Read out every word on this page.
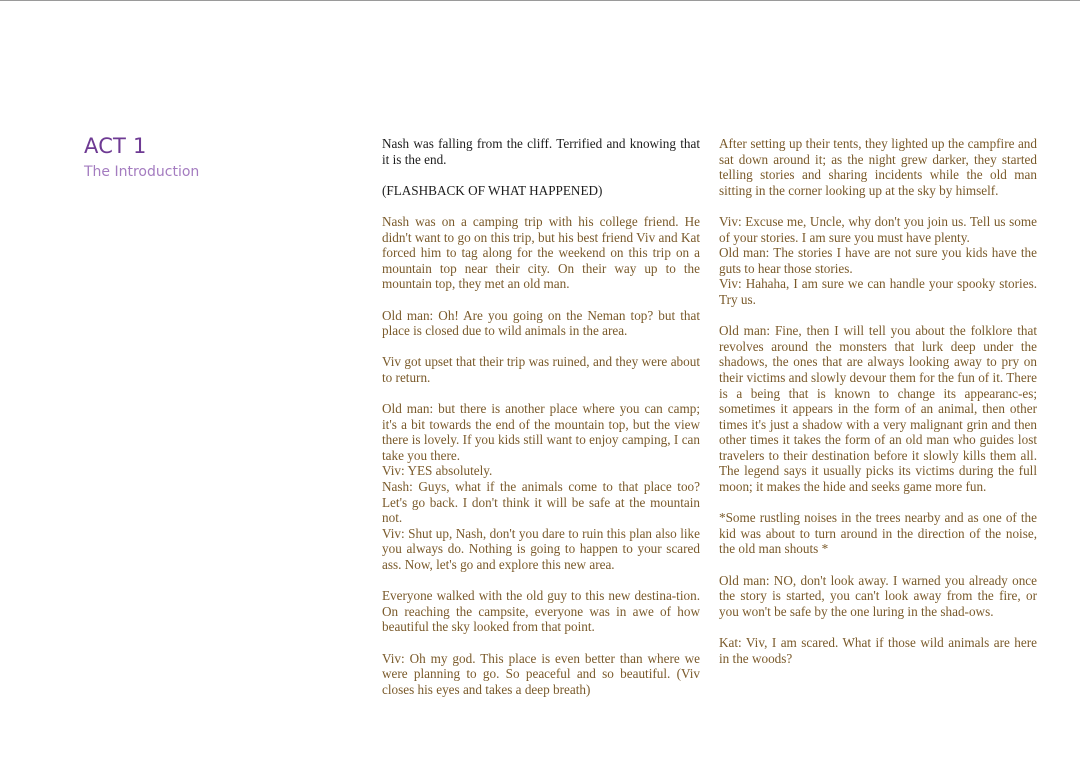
ACT 1
The Introduction

Nash was falling from the cliff. Terrified and knowing that it is the end.

(FLASHBACK OF WHAT HAPPENED)

Nash was on a camping trip with his college friend. He didn't want to go on this trip, but his best friend Viv and Kat forced him to tag along for the weekend on this trip on a mountain top near their city. On their way up to the mountain top, they met an old man.

Old man: Oh! Are you going on the Neman top? but that place is closed due to wild animals in the area.

Viv got upset that their trip was ruined, and they were about to return.

Old man: but there is another place where you can camp; it's a bit towards the end of the mountain top, but the view there is lovely. If you kids still want to enjoy camping, I can take you there.
Viv: YES absolutely.
Nash: Guys, what if the animals come to that place too? Let's go back. I don't think it will be safe at the mountain not.
Viv: Shut up, Nash, don't you dare to ruin this plan also like you always do. Nothing is going to happen to your scared ass. Now, let's go and explore this new area.

Everyone walked with the old guy to this new destina-tion. On reaching the campsite, everyone was in awe of how beautiful the sky looked from that point.

Viv: Oh my god. This place is even better than where we were planning to go. So peaceful and so beautiful. (Viv closes his eyes and takes a deep breath)

After setting up their tents, they lighted up the campfire and sat down around it; as the night grew darker, they started telling stories and sharing incidents while the old man sitting in the corner looking up at the sky by himself.

Viv: Excuse me, Uncle, why don't you join us. Tell us some of your stories. I am sure you must have plenty.
Old man: The stories I have are not sure you kids have the guts to hear those stories.
Viv: Hahaha, I am sure we can handle your spooky stories. Try us.

Old man: Fine, then I will tell you about the folklore that revolves around the monsters that lurk deep under the shadows, the ones that are always looking away to pry on their victims and slowly devour them for the fun of it. There is a being that is known to change its appearanc-es; sometimes it appears in the form of an animal, then other times it's just a shadow with a very malignant grin and then other times it takes the form of an old man who guides lost travelers to their destination before it slowly kills them all. The legend says it usually picks its victims during the full moon; it makes the hide and seeks game more fun.

*Some rustling noises in the trees nearby and as one of the kid was about to turn around in the direction of the noise, the old man shouts *

Old man: NO, don't look away. I warned you already once the story is started, you can't look away from the fire, or you won't be safe by the one luring in the shad-ows.

Kat: Viv, I am scared. What if those wild animals are here in the woods?
